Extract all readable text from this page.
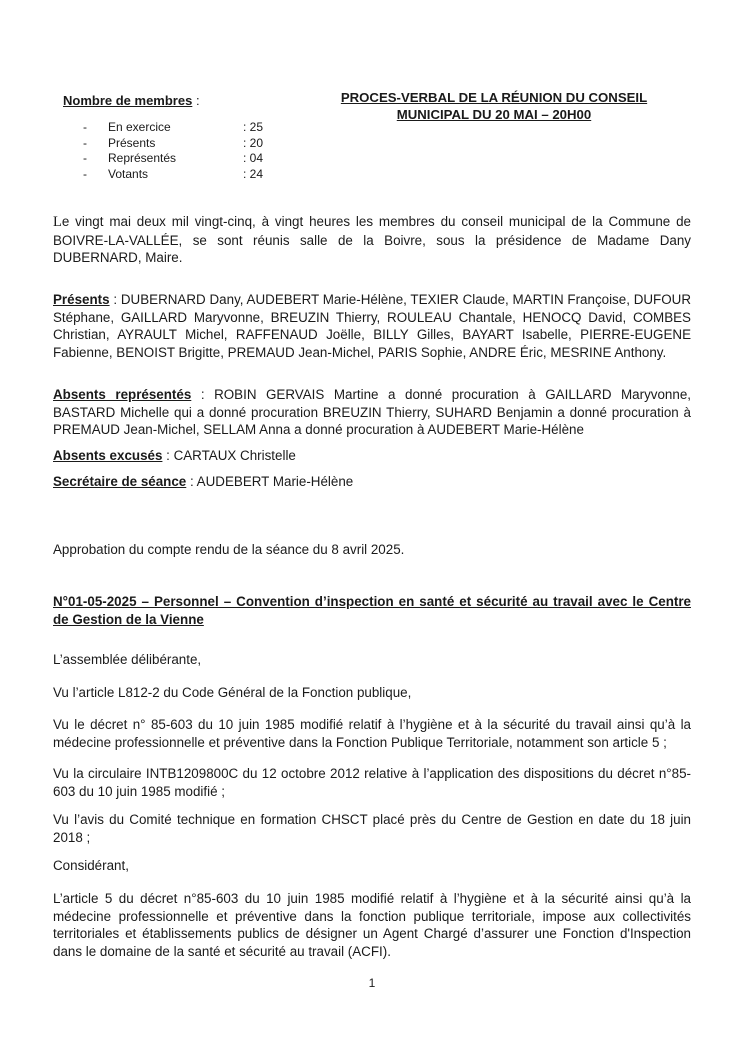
Nombre de membres :
-	En exercice	: 25
-	Présents	: 20
-	Représentés	: 04
-	Votants	: 24
PROCES-VERBAL DE LA RÉUNION DU CONSEIL
MUNICIPAL DU 20 MAI – 20H00
Le vingt mai deux mil vingt-cinq, à vingt heures les membres du conseil municipal de la Commune de BOIVRE-LA-VALLÉE, se sont réunis salle de la Boivre, sous la présidence de Madame Dany DUBERNARD, Maire.
Présents : DUBERNARD Dany, AUDEBERT Marie-Hélène, TEXIER Claude, MARTIN Françoise, DUFOUR Stéphane, GAILLARD Maryvonne, BREUZIN Thierry, ROULEAU Chantale, HENOCQ David, COMBES Christian, AYRAULT Michel, RAFFENAUD Joëlle, BILLY Gilles, BAYART Isabelle, PIERRE-EUGENE Fabienne, BENOIST Brigitte, PREMAUD Jean-Michel, PARIS Sophie, ANDRE Éric, MESRINE Anthony.
Absents représentés : ROBIN GERVAIS Martine a donné procuration à GAILLARD Maryvonne, BASTARD Michelle qui a donné procuration BREUZIN Thierry, SUHARD Benjamin a donné procuration à PREMAUD Jean-Michel, SELLAM Anna a donné procuration à AUDEBERT Marie-Hélène
Absents excusés : CARTAUX Christelle
Secrétaire de séance : AUDEBERT Marie-Hélène
Approbation du compte rendu de la séance du 8 avril 2025.
N°01-05-2025 – Personnel – Convention d’inspection en santé et sécurité au travail avec le Centre de Gestion de la Vienne
L’assemblée délibérante,
Vu l’article L812-2 du Code Général de la Fonction publique,
Vu le décret n° 85-603 du 10 juin 1985 modifié relatif à l’hygiène et à la sécurité du travail ainsi qu’à la médecine professionnelle et préventive dans la Fonction Publique Territoriale, notamment son article 5 ;
Vu la circulaire INTB1209800C du 12 octobre 2012 relative à l’application des dispositions du décret n°85-603 du 10 juin 1985 modifié ;
Vu l’avis du Comité technique en formation CHSCT placé près du Centre de Gestion en date du 18 juin 2018 ;
Considérant,
L’article 5 du décret n°85-603 du 10 juin 1985 modifié relatif à l’hygiène et à la sécurité ainsi qu’à la médecine professionnelle et préventive dans la fonction publique territoriale, impose aux collectivités territoriales et établissements publics de désigner un Agent Chargé d’assurer une Fonction d'Inspection dans le domaine de la santé et sécurité au travail (ACFI).
1
